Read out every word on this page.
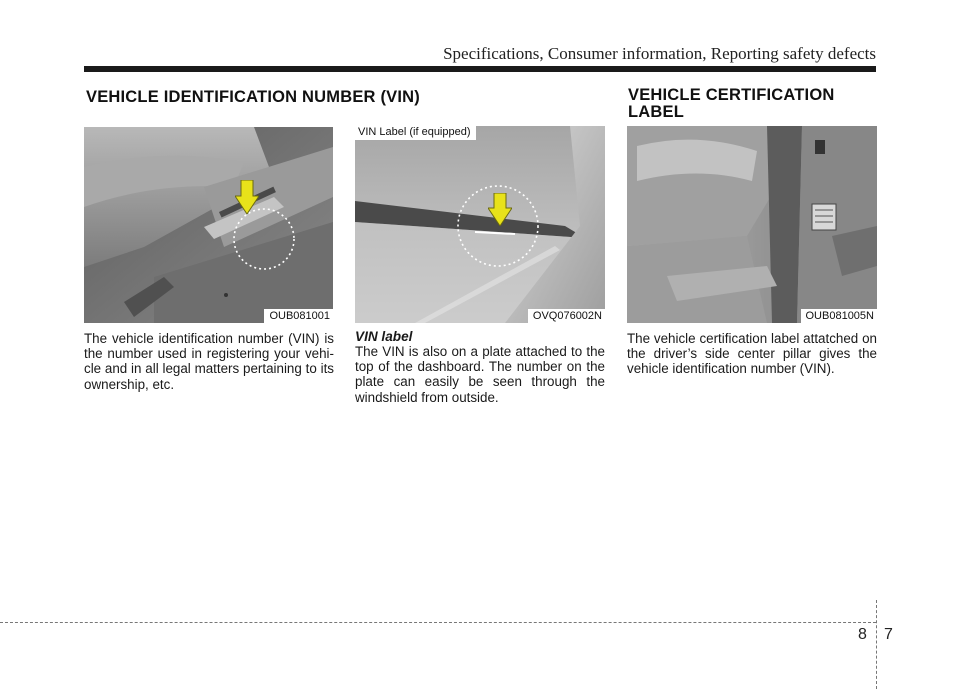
Specifications, Consumer information, Reporting safety defects
VEHICLE IDENTIFICATION NUMBER (VIN)	VEHICLE CERTIFICATION
LABEL
OUB081001
VIN Label (if equipped)
OVQ076002N	OUB081005N

The vehicle identification number (VIN) is the number used in registering your vehi-cle and in all legal matters pertaining to its ownership, etc.

VIN label

The VIN is also on a plate attached to the top of the dashboard. The number on the plate can easily be seen through the windshield from outside.

The vehicle certification label attatched on the driver’s side center pillar gives the vehicle identification number (VIN).

8 7
